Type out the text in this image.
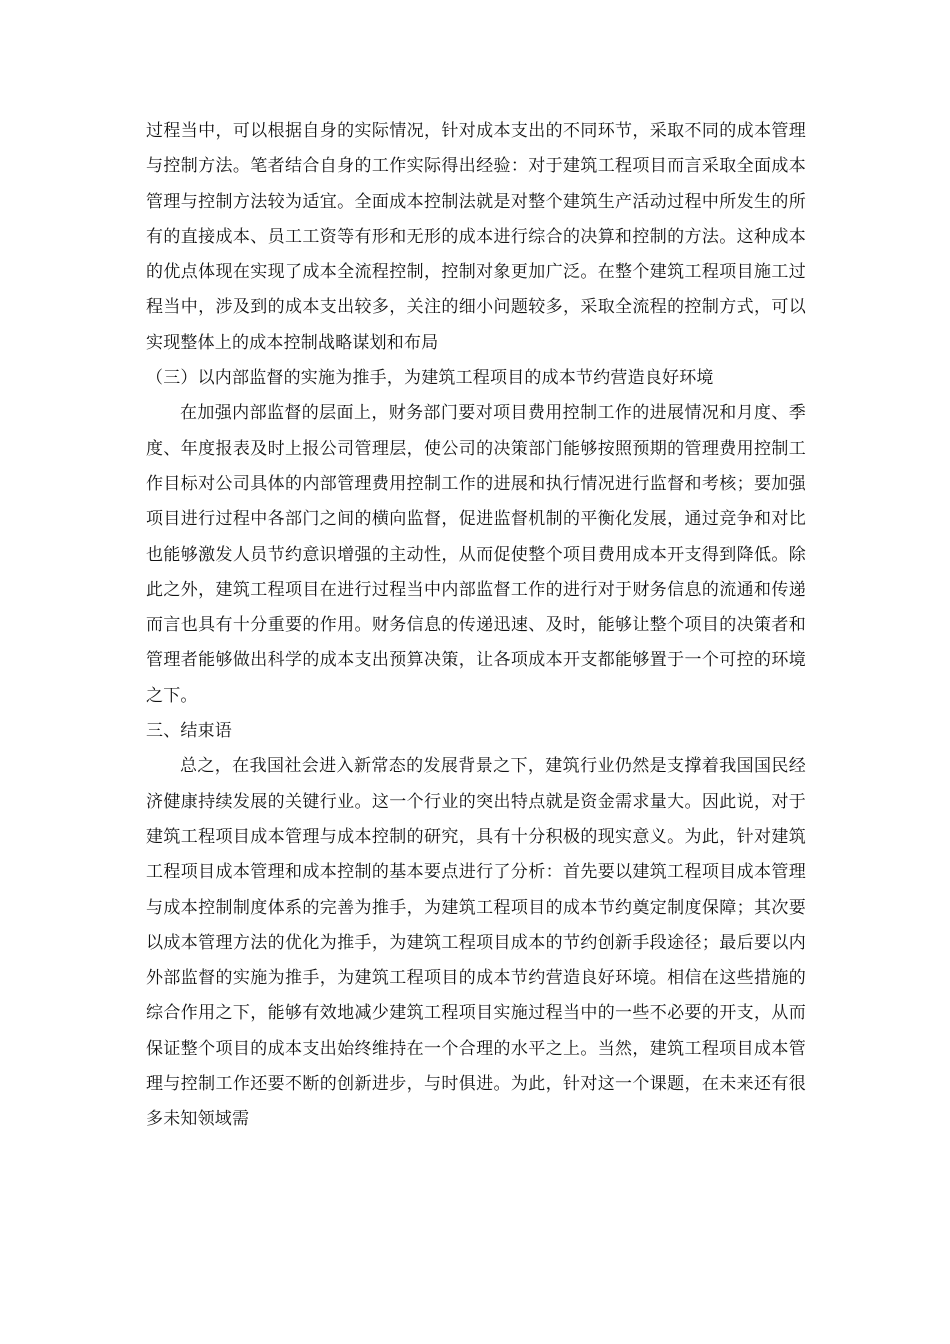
过程当中，可以根据自身的实际情况，针对成本支出的不同环节，采取不同的成本管理与控制方法。笔者结合自身的工作实际得出经验：对于建筑工程项目而言采取全面成本管理与控制方法较为适宜。全面成本控制法就是对整个建筑生产活动过程中所发生的所有的直接成本、员工工资等有形和无形的成本进行综合的决算和控制的方法。这种成本的优点体现在实现了成本全流程控制，控制对象更加广泛。在整个建筑工程项目施工过程当中，涉及到的成本支出较多，关注的细小问题较多，采取全流程的控制方式，可以实现整体上的成本控制战略谋划和布局

（三）以内部监督的实施为推手，为建筑工程项目的成本节约营造良好环境

在加强内部监督的层面上，财务部门要对项目费用控制工作的进展情况和月度、季度、年度报表及时上报公司管理层，使公司的决策部门能够按照预期的管理费用控制工作目标对公司具体的内部管理费用控制工作的进展和执行情况进行监督和考核；要加强项目进行过程中各部门之间的横向监督，促进监督机制的平衡化发展，通过竞争和对比也能够激发人员节约意识增强的主动性，从而促使整个项目费用成本开支得到降低。除此之外，建筑工程项目在进行过程当中内部监督工作的进行对于财务信息的流通和传递而言也具有十分重要的作用。财务信息的传递迅速、及时，能够让整个项目的决策者和管理者能够做出科学的成本支出预算决策，让各项成本开支都能够置于一个可控的环境之下。

三、结束语

总之，在我国社会进入新常态的发展背景之下，建筑行业仍然是支撑着我国国民经济健康持续发展的关键行业。这一个行业的突出特点就是资金需求量大。因此说，对于建筑工程项目成本管理与成本控制的研究，具有十分积极的现实意义。为此，针对建筑工程项目成本管理和成本控制的基本要点进行了分析：首先要以建筑工程项目成本管理与成本控制制度体系的完善为推手，为建筑工程项目的成本节约奠定制度保障；其次要以成本管理方法的优化为推手，为建筑工程项目成本的节约创新手段途径；最后要以内外部监督的实施为推手，为建筑工程项目的成本节约营造良好环境。相信在这些措施的综合作用之下，能够有效地减少建筑工程项目实施过程当中的一些不必要的开支，从而保证整个项目的成本支出始终维持在一个合理的水平之上。当然，建筑工程项目成本管理与控制工作还要不断的创新进步，与时俱进。为此，针对这一个课题，在未来还有很多未知领域需
